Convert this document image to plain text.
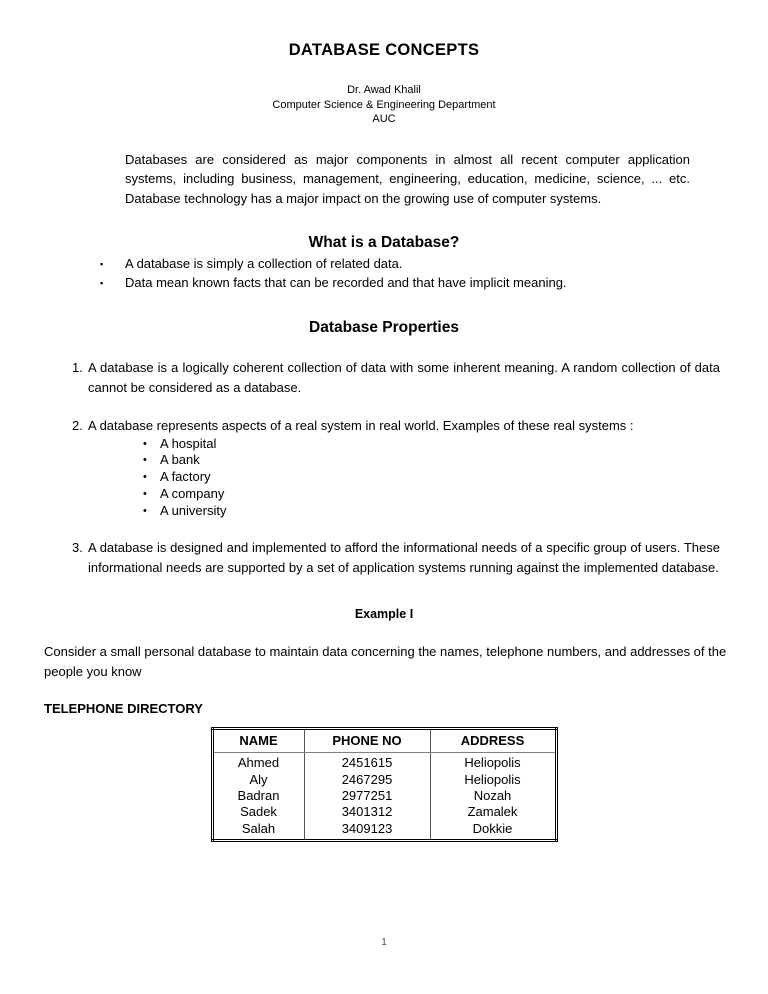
DATABASE CONCEPTS
Dr. Awad Khalil
Computer Science & Engineering Department
AUC

Databases are considered as major components in almost all recent computer application systems, including business, management, engineering, education, medicine, science, ... etc. Database technology has a major impact on the growing use of computer systems.

What is a Database?
▪ A database is simply a collection of related data.
▪ Data mean known facts that can be recorded and that have implicit meaning.
Database Properties
1. A database is a logically coherent collection of data with some inherent meaning. A random collection of data cannot be considered as a database.
2. A database represents aspects of a real system in real world. Examples of these real systems :
• A hospital
• A bank
• A factory
• A company
• A university
3. A database is designed and implemented to afford the informational needs of a specific group of users. These informational needs are supported by a set of application systems running against the implemented database.
Example I

Consider a small personal database to maintain data concerning the names, telephone numbers, and addresses of the people you know

TELEPHONE DIRECTORY

NAME	PHONE NO	ADDRESS
Ahmed	2451615	Heliopolis
Aly	2467295	Heliopolis
Badran	2977251	Nozah
Sadek	3401312	Zamalek
Salah	3409123	Dokkie
1
